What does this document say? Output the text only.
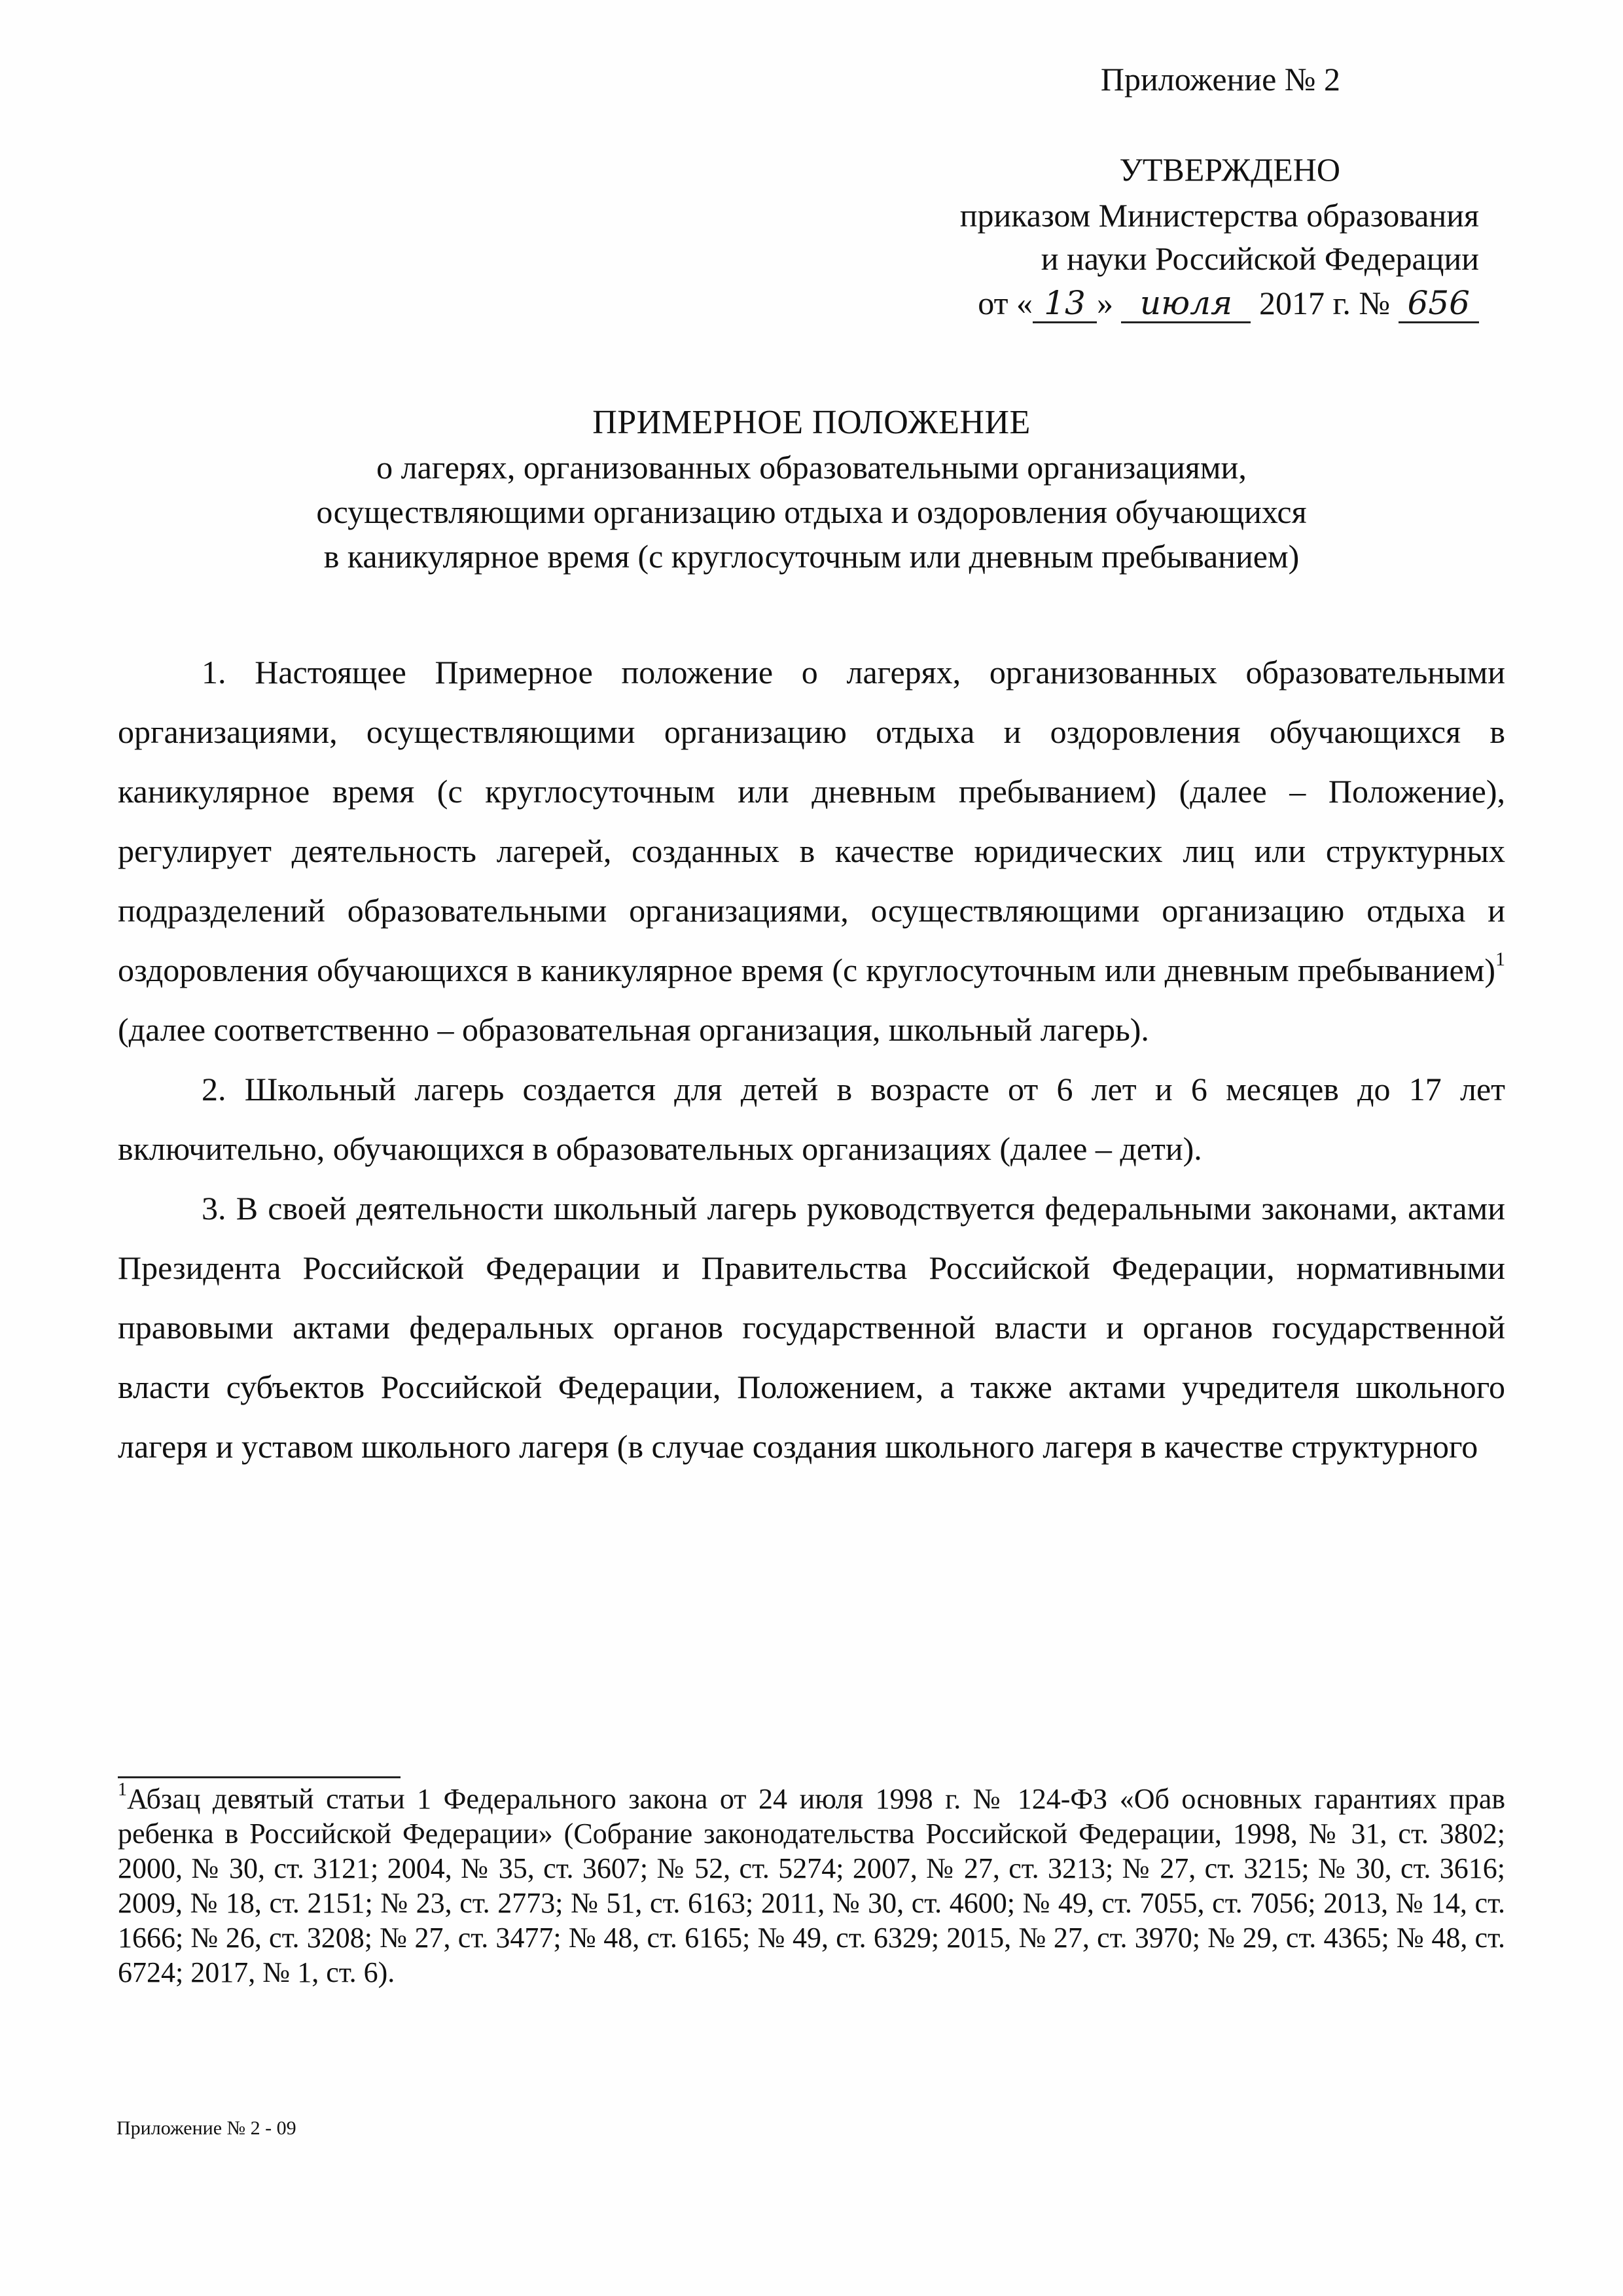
Приложение № 2
УТВЕРЖДЕНО
приказом Министерства образования
и науки Российской Федерации
от « 13 » июля 2017 г. № 656
ПРИМЕРНОЕ ПОЛОЖЕНИЕ
о лагерях, организованных образовательными организациями,
осуществляющими организацию отдыха и оздоровления обучающихся
в каникулярное время (с круглосуточным или дневным пребыванием)

1. Настоящее Примерное положение о лагерях, организованных образовательными организациями, осуществляющими организацию отдыха и оздоровления обучающихся в каникулярное время (с круглосуточным или дневным пребыванием) (далее – Положение), регулирует деятельность лагерей, созданных в качестве юридических лиц или структурных подразделений образовательными организациями, осуществляющими организацию отдыха и оздоровления обучающихся в каникулярное время (с круглосуточным или дневным пребыванием)$^1$ (далее соответственно – образовательная организация, школьный лагерь).

2. Школьный лагерь создается для детей в возрасте от 6 лет и 6 месяцев до 17 лет включительно, обучающихся в образовательных организациях (далее – дети).

3. В своей деятельности школьный лагерь руководствуется федеральными законами, актами Президента Российской Федерации и Правительства Российской Федерации, нормативными правовыми актами федеральных органов государственной власти и органов государственной власти субъектов Российской Федерации, Положением, а также актами учредителя школьного лагеря и уставом школьного лагеря (в случае создания школьного лагеря в качестве структурного

$^1$Абзац девятый статьи 1 Федерального закона от 24 июля 1998 г. № 124-ФЗ «Об основных гарантиях прав ребенка в Российской Федерации» (Собрание законодательства Российской Федерации, 1998, № 31, ст. 3802; 2000, № 30, ст. 3121; 2004, № 35, ст. 3607; № 52, ст. 5274; 2007, № 27, ст. 3213; № 27, ст. 3215; № 30, ст. 3616; 2009, № 18, ст. 2151; № 23, ст. 2773; № 51, ст. 6163; 2011, № 30, ст. 4600; № 49, ст. 7055, ст. 7056; 2013, № 14, ст. 1666; № 26, ст. 3208; № 27, ст. 3477; № 48, ст. 6165; № 49, ст. 6329; 2015, № 27, ст. 3970; № 29, ст. 4365; № 48, ст. 6724; 2017, № 1, ст. 6).
Приложение № 2 - 09
